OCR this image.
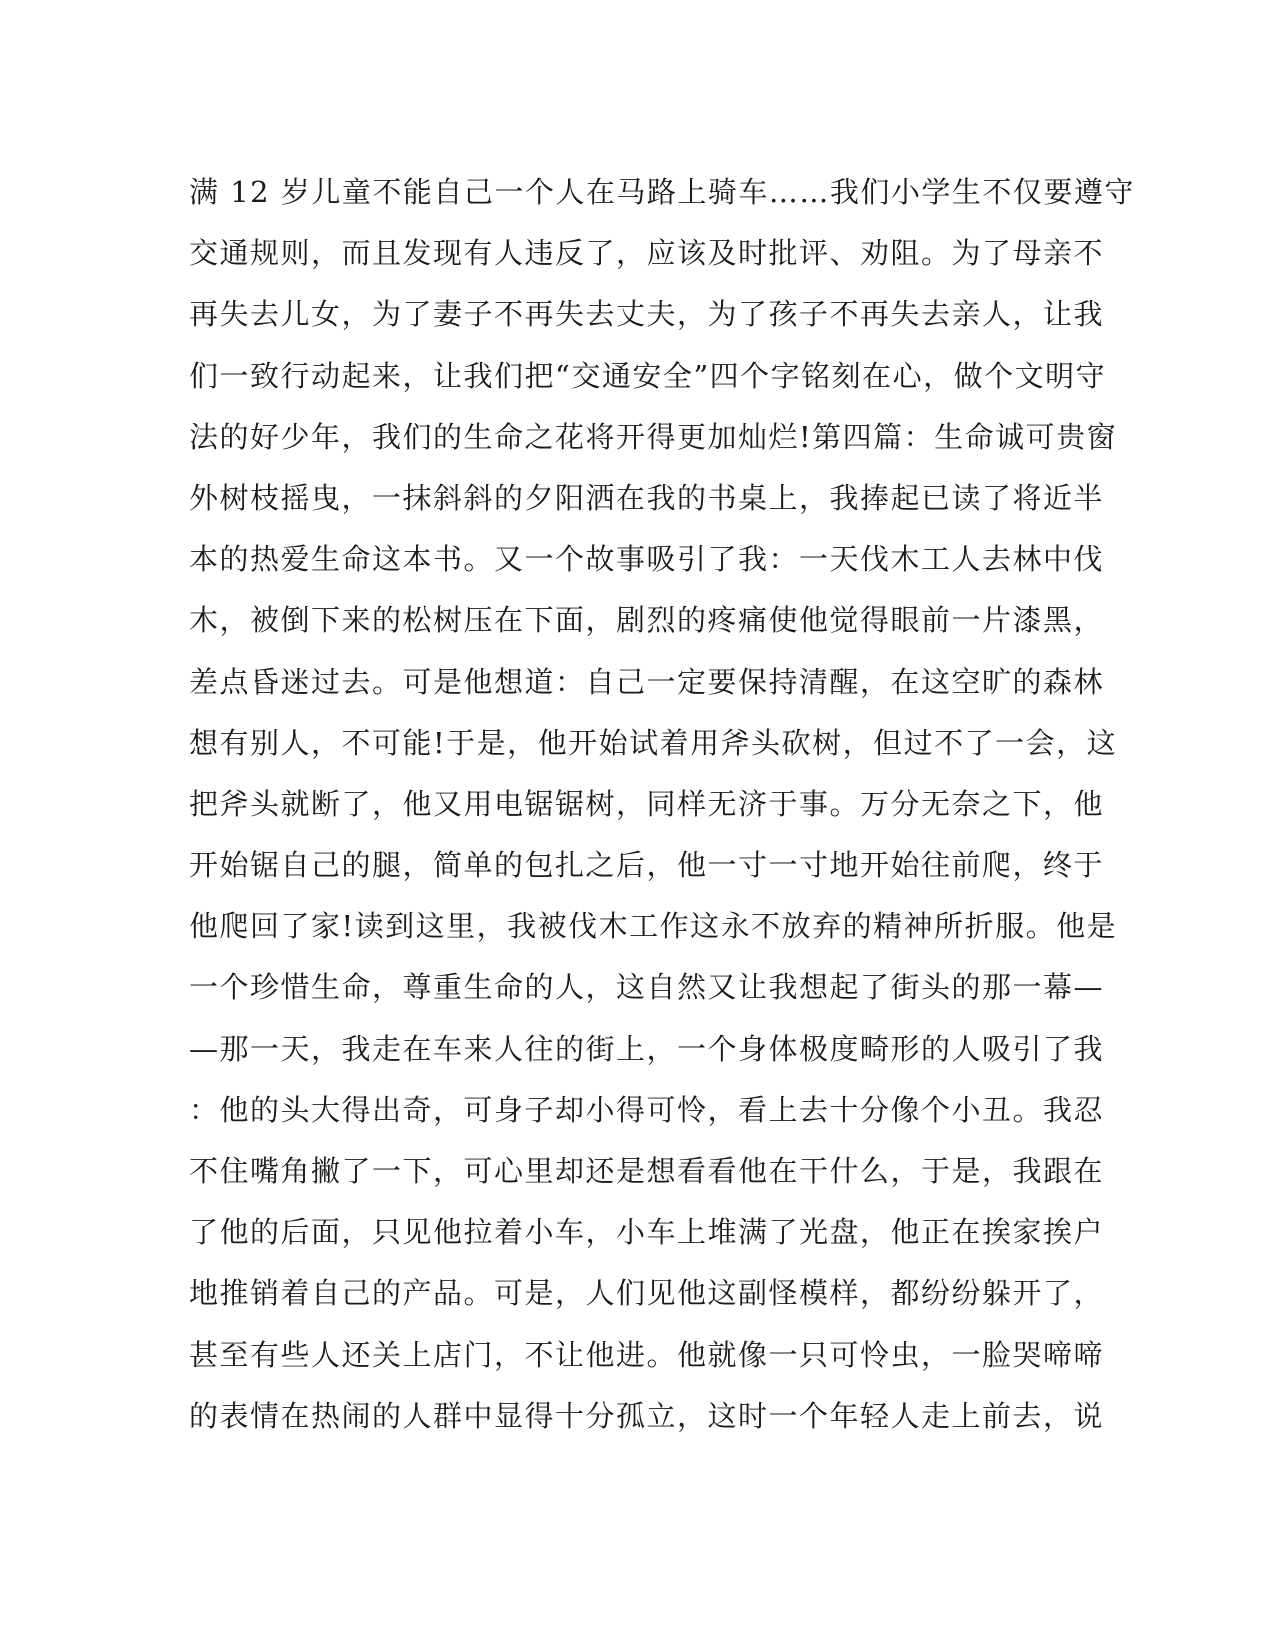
满 12 岁儿童不能自己一个人在马路上骑车……我们小学生不仅要遵守
交通规则，而且发现有人违反了，应该及时批评、劝阻。为了母亲不
再失去儿女，为了妻子不再失去丈夫，为了孩子不再失去亲人，让我
们一致行动起来，让我们把“交通安全”四个字铭刻在心，做个文明守
法的好少年，我们的生命之花将开得更加灿烂!第四篇：生命诚可贵窗
外树枝摇曳，一抹斜斜的夕阳洒在我的书桌上，我捧起已读了将近半
本的热爱生命这本书。又一个故事吸引了我：一天伐木工人去林中伐
木，被倒下来的松树压在下面，剧烈的疼痛使他觉得眼前一片漆黑，
差点昏迷过去。可是他想道：自己一定要保持清醒，在这空旷的森林
想有别人，不可能!于是，他开始试着用斧头砍树，但过不了一会，这
把斧头就断了，他又用电锯锯树，同样无济于事。万分无奈之下，他
开始锯自己的腿，简单的包扎之后，他一寸一寸地开始往前爬，终于
他爬回了家!读到这里，我被伐木工作这永不放弃的精神所折服。他是
一个珍惜生命，尊重生命的人，这自然又让我想起了街头的那一幕—
—那一天，我走在车来人往的街上，一个身体极度畸形的人吸引了我
：他的头大得出奇，可身子却小得可怜，看上去十分像个小丑。我忍
不住嘴角撇了一下，可心里却还是想看看他在干什么，于是，我跟在
了他的后面，只见他拉着小车，小车上堆满了光盘，他正在挨家挨户
地推销着自己的产品。可是，人们见他这副怪模样，都纷纷躲开了，
甚至有些人还关上店门，不让他进。他就像一只可怜虫，一脸哭啼啼
的表情在热闹的人群中显得十分孤立，这时一个年轻人走上前去，说
